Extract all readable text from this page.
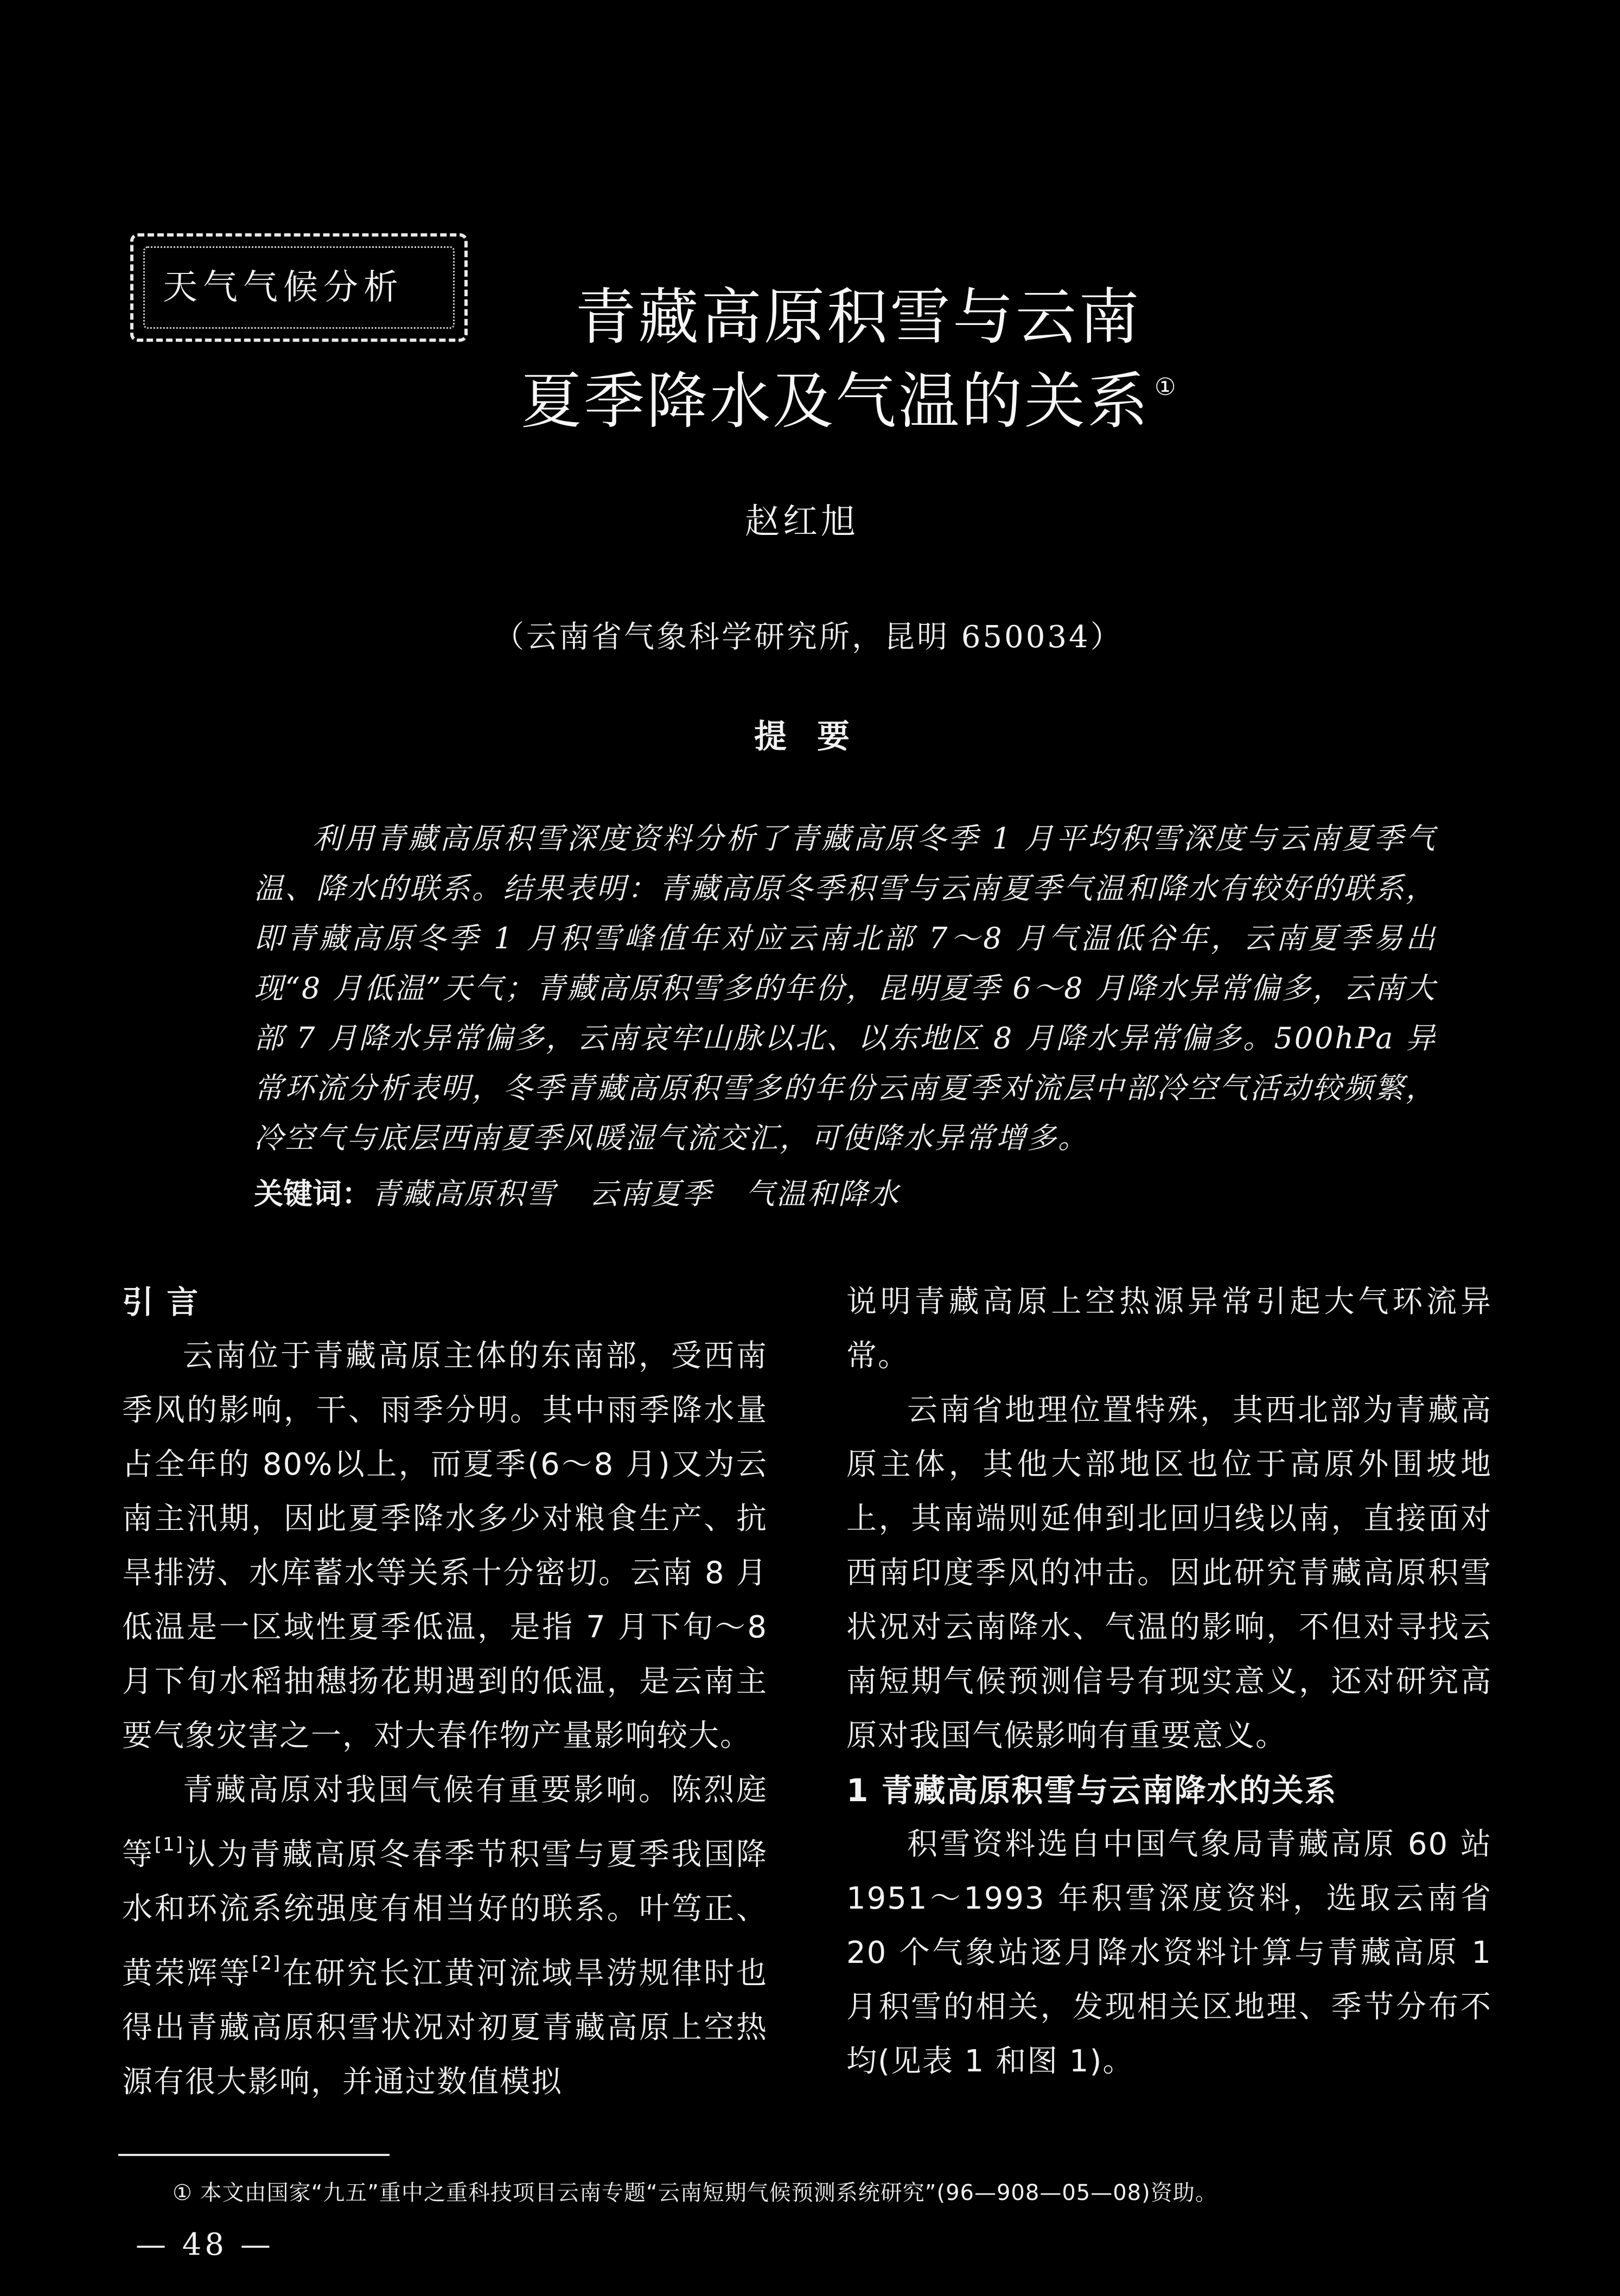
天气气候分析	青藏高原积雪与云南
夏季降水及气温的关系 ①
赵红旭
（云南省气象科学研究所，昆明 650034）
提要
利用青藏高原积雪深度资料分析了青藏高原冬季 1 月平均积雪深度与云南夏季气温、降水的联系。结果表明：青藏高原冬季积雪与云南夏季气温和降水有较好的联系，即青藏高原冬季 1 月积雪峰值年对应云南北部 7～8 月气温低谷年，云南夏季易出现“8 月低温”天气；青藏高原积雪多的年份，昆明夏季 6～8 月降水异常偏多，云南大部 7 月降水异常偏多，云南哀牢山脉以北、以东地区 8 月降水异常偏多。500hPa 异常环流分析表明，冬季青藏高原积雪多的年份云南夏季对流层中部冷空气活动较频繁，冷空气与底层西南夏季风暖湿气流交汇，可使降水异常增多。
关键词：青藏高原积雪 云南夏季 气温和降水
引 言

云南位于青藏高原主体的东南部，受西南季风的影响，干、雨季分明。其中雨季降水量占全年的 80%以上，而夏季(6～8 月)又为云南主汛期，因此夏季降水多少对粮食生产、抗旱排涝、水库蓄水等关系十分密切。云南 8 月低温是一区域性夏季低温，是指 7 月下旬～8 月下旬水稻抽穗扬花期遇到的低温，是云南主要气象灾害之一，对大春作物产量影响较大。

青藏高原对我国气候有重要影响。陈烈庭等[1]认为青藏高原冬春季节积雪与夏季我国降水和环流系统强度有相当好的联系。叶笃正、黄荣辉等[2]在研究长江黄河流域旱涝规律时也得出青藏高原积雪状况对初夏青藏高原上空热源有很大影响，并通过数值模拟

说明青藏高原上空热源异常引起大气环流异常。

云南省地理位置特殊，其西北部为青藏高原主体，其他大部地区也位于高原外围坡地上，其南端则延伸到北回归线以南，直接面对西南印度季风的冲击。因此研究青藏高原积雪状况对云南降水、气温的影响，不但对寻找云南短期气候预测信号有现实意义，还对研究高原对我国气候影响有重要意义。

1 青藏高原积雪与云南降水的关系

积雪资料选自中国气象局青藏高原 60 站 1951～1993 年积雪深度资料，选取云南省 20 个气象站逐月降水资料计算与青藏高原 1 月积雪的相关，发现相关区地理、季节分布不均(见表 1 和图 1)。

① 本文由国家“九五”重中之重科技项目云南专题“云南短期气候预测系统研究”(96—908—05—08)资助。
— 48 —
